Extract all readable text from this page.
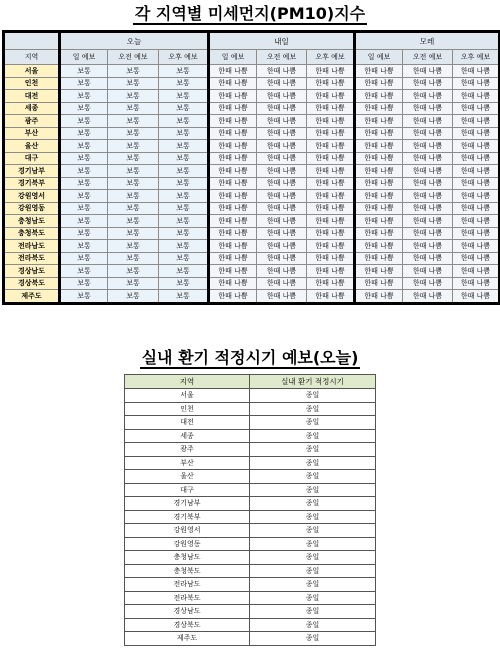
각 지역별 미세먼지(PM10)지수
	오늘			내일			모레		
지역	일 예보	오전 예보	오후 예보	일 예보	오전 예보	오후 예보	일 예보	오전 예보	오후 예보
서울	보통	보통	보통	한때 나쁨	한때 나쁨	한때 나쁨	한때 나쁨	한때 나쁨	한때 나쁨
인천	보통	보통	보통	한때 나쁨	한때 나쁨	한때 나쁨	한때 나쁨	한때 나쁨	한때 나쁨
대전	보통	보통	보통	한때 나쁨	한때 나쁨	한때 나쁨	한때 나쁨	한때 나쁨	한때 나쁨
세종	보통	보통	보통	한때 나쁨	한때 나쁨	한때 나쁨	한때 나쁨	한때 나쁨	한때 나쁨
광주	보통	보통	보통	한때 나쁨	한때 나쁨	한때 나쁨	한때 나쁨	한때 나쁨	한때 나쁨
부산	보통	보통	보통	한때 나쁨	한때 나쁨	한때 나쁨	한때 나쁨	한때 나쁨	한때 나쁨
울산	보통	보통	보통	한때 나쁨	한때 나쁨	한때 나쁨	한때 나쁨	한때 나쁨	한때 나쁨
대구	보통	보통	보통	한때 나쁨	한때 나쁨	한때 나쁨	한때 나쁨	한때 나쁨	한때 나쁨
경기남부	보통	보통	보통	한때 나쁨	한때 나쁨	한때 나쁨	한때 나쁨	한때 나쁨	한때 나쁨
경기북부	보통	보통	보통	한때 나쁨	한때 나쁨	한때 나쁨	한때 나쁨	한때 나쁨	한때 나쁨
강원영서	보통	보통	보통	한때 나쁨	한때 나쁨	한때 나쁨	한때 나쁨	한때 나쁨	한때 나쁨
강원영동	보통	보통	보통	한때 나쁨	한때 나쁨	한때 나쁨	한때 나쁨	한때 나쁨	한때 나쁨
충청남도	보통	보통	보통	한때 나쁨	한때 나쁨	한때 나쁨	한때 나쁨	한때 나쁨	한때 나쁨
충청북도	보통	보통	보통	한때 나쁨	한때 나쁨	한때 나쁨	한때 나쁨	한때 나쁨	한때 나쁨
전라남도	보통	보통	보통	한때 나쁨	한때 나쁨	한때 나쁨	한때 나쁨	한때 나쁨	한때 나쁨
전라북도	보통	보통	보통	한때 나쁨	한때 나쁨	한때 나쁨	한때 나쁨	한때 나쁨	한때 나쁨
경상남도	보통	보통	보통	한때 나쁨	한때 나쁨	한때 나쁨	한때 나쁨	한때 나쁨	한때 나쁨
경상북도	보통	보통	보통	한때 나쁨	한때 나쁨	한때 나쁨	한때 나쁨	한때 나쁨	한때 나쁨
제주도	보통	보통	보통	한때 나쁨	한때 나쁨	한때 나쁨	한때 나쁨	한때 나쁨	한때 나쁨
실내 환기 적정시기 예보(오늘)
지역	실내 환기 적정시기
서울	종일
인천	종일
대전	종일
세종	종일
광주	종일
부산	종일
울산	종일
대구	종일
경기남부	종일
경기북부	종일
강원영서	종일
강원영동	종일
충청남도	종일
충청북도	종일
전라남도	종일
전라북도	종일
경상남도	종일
경상북도	종일
제주도	종일
